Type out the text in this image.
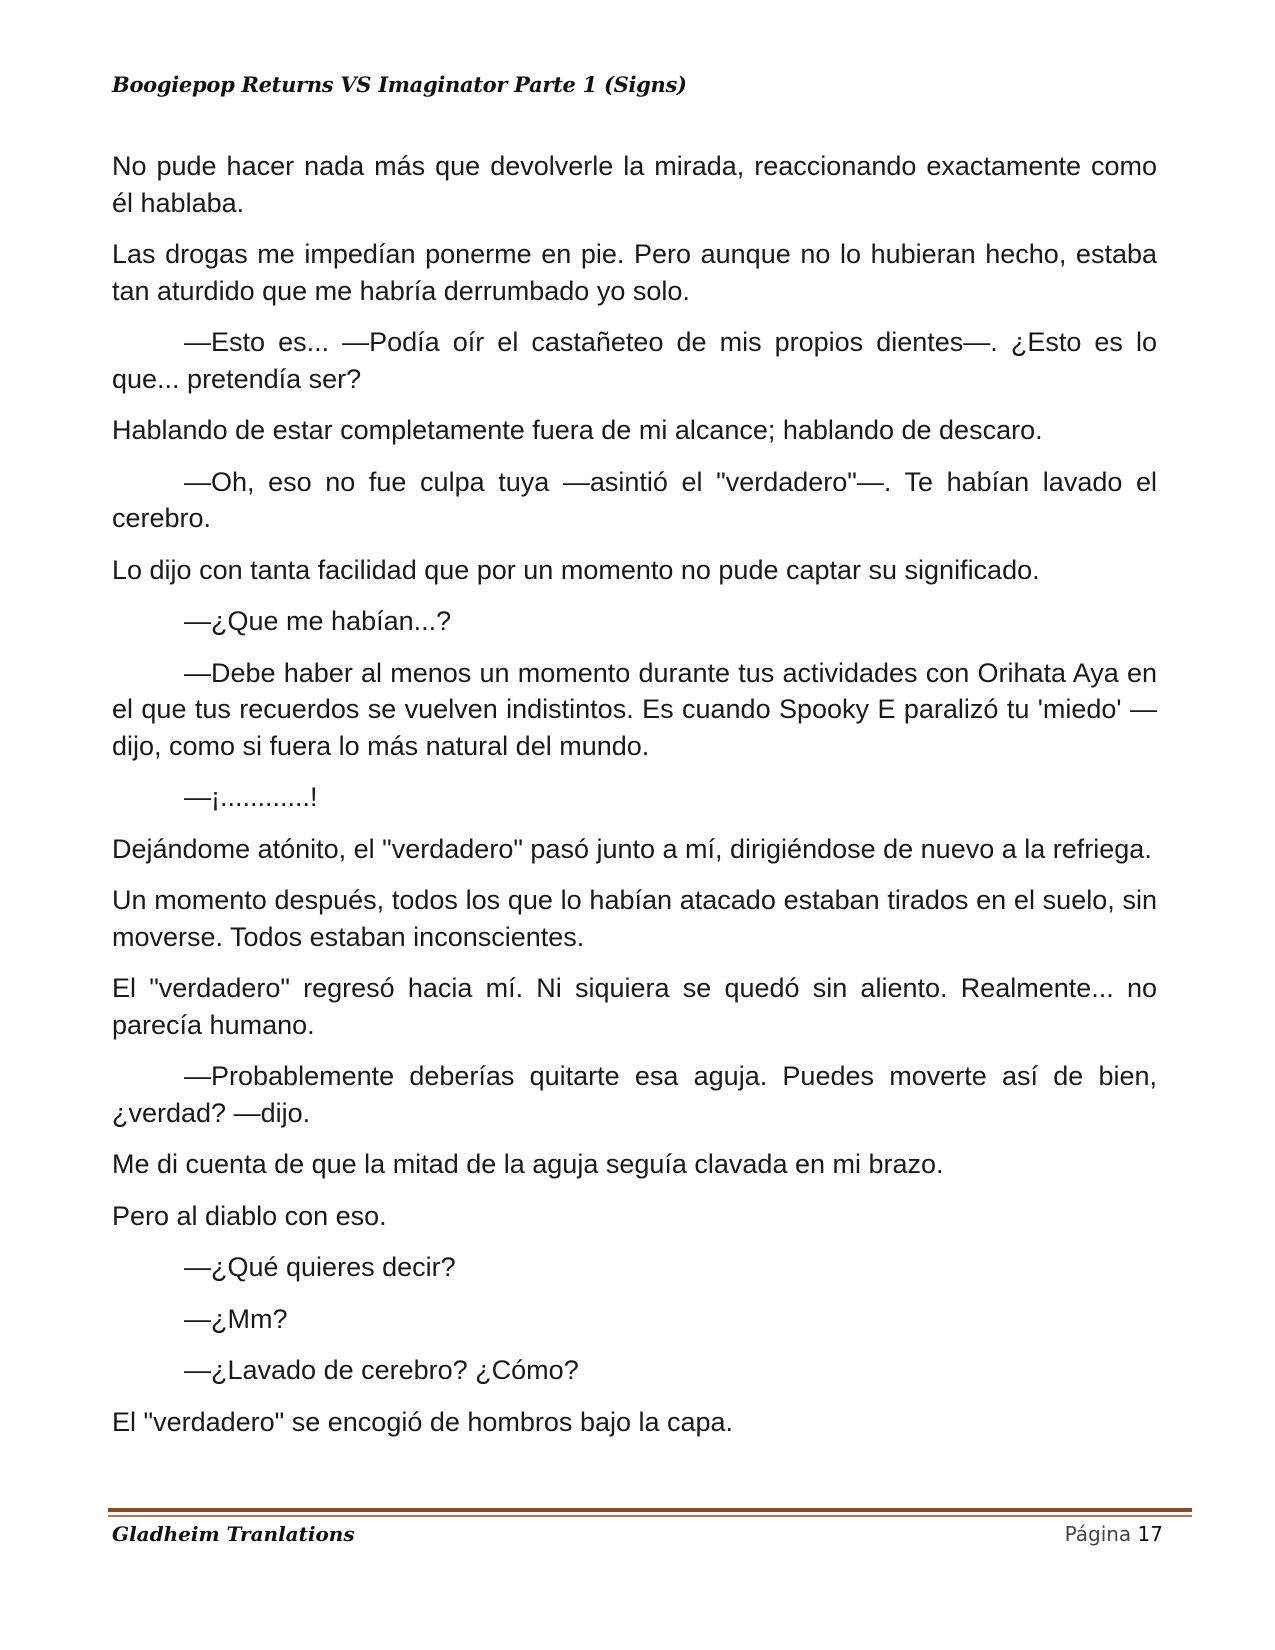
Boogiepop Returns VS Imaginator Parte 1 (Signs)

No pude hacer nada más que devolverle la mirada, reaccionando exactamente como él hablaba.

Las drogas me impedían ponerme en pie. Pero aunque no lo hubieran hecho, estaba tan aturdido que me habría derrumbado yo solo.

—Esto es... —Podía oír el castañeteo de mis propios dientes—. ¿Esto es lo que... pretendía ser?

Hablando de estar completamente fuera de mi alcance; hablando de descaro.

—Oh, eso no fue culpa tuya —asintió el "verdadero"—. Te habían lavado el cerebro.

Lo dijo con tanta facilidad que por un momento no pude captar su significado.

—¿Que me habían...?

—Debe haber al menos un momento durante tus actividades con Orihata Aya en el que tus recuerdos se vuelven indistintos. Es cuando Spooky E paralizó tu 'miedo' —dijo, como si fuera lo más natural del mundo.

—¡............!

Dejándome atónito, el "verdadero" pasó junto a mí, dirigiéndose de nuevo a la refriega.

Un momento después, todos los que lo habían atacado estaban tirados en el suelo, sin moverse. Todos estaban inconscientes.

El "verdadero" regresó hacia mí. Ni siquiera se quedó sin aliento. Realmente... no parecía humano.

—Probablemente deberías quitarte esa aguja. Puedes moverte así de bien, ¿verdad? —dijo.

Me di cuenta de que la mitad de la aguja seguía clavada en mi brazo.

Pero al diablo con eso.

—¿Qué quieres decir?

—¿Mm?

—¿Lavado de cerebro? ¿Cómo?

El "verdadero" se encogió de hombros bajo la capa.

Gladheim Tranlations	Página 17
